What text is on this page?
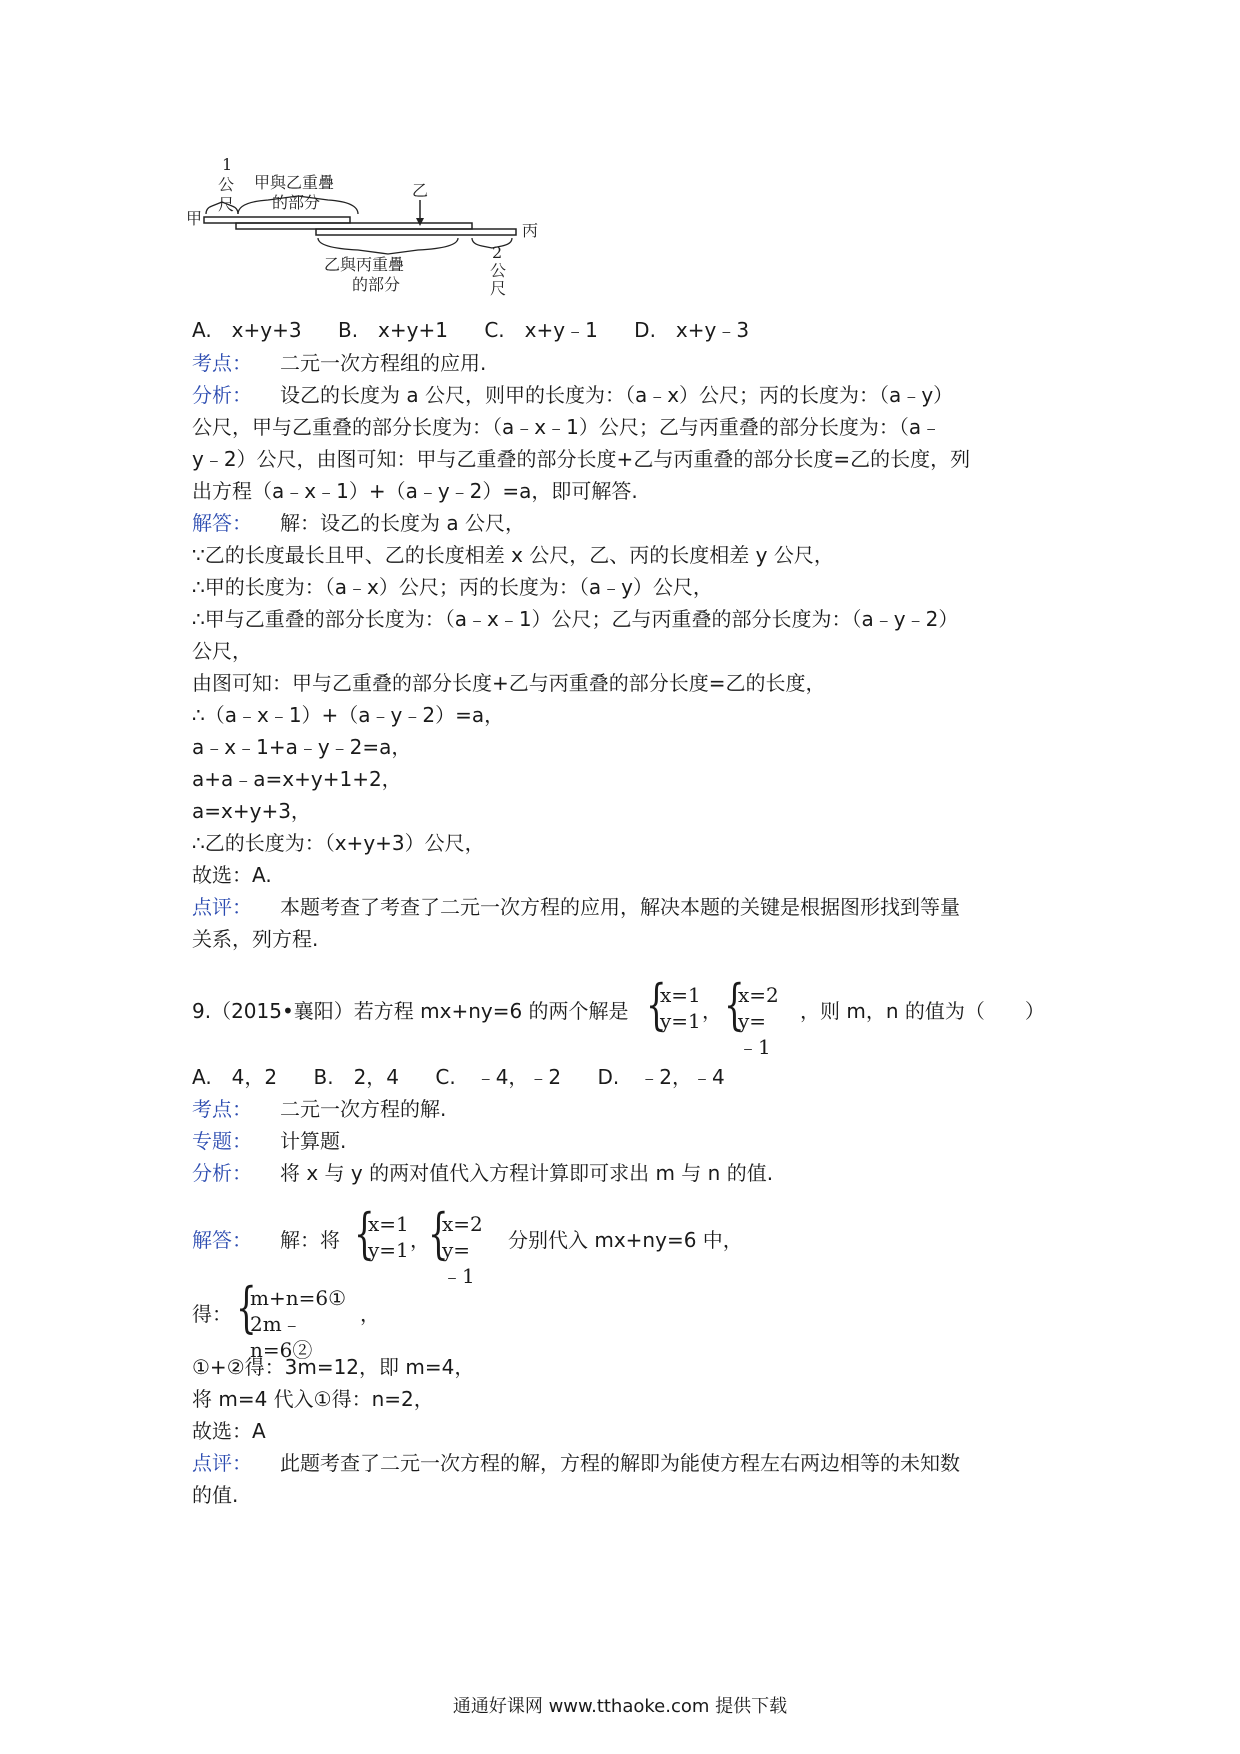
1
公
尺
甲與乙重疊
的部分
乙
甲
丙
乙與丙重疊
的部分
2
公
尺
A.　x+y+3 B.　x+y+1 C.　x+y﹣1 D.　x+y﹣3
考点： 二元一次方程组的应用.
分析： 设乙的长度为 a 公尺，则甲的长度为：（a﹣x）公尺；丙的长度为：（a﹣y）
公尺，甲与乙重叠的部分长度为：（a﹣x﹣1）公尺；乙与丙重叠的部分长度为：（a﹣
y﹣2）公尺，由图可知：甲与乙重叠的部分长度+乙与丙重叠的部分长度=乙的长度，列
出方程（a﹣x﹣1）+（a﹣y﹣2）=a，即可解答.
解答： 解：设乙的长度为 a 公尺，
∵乙的长度最长且甲、乙的长度相差 x 公尺，乙、丙的长度相差 y 公尺，
∴甲的长度为：（a﹣x）公尺；丙的长度为：（a﹣y）公尺，
∴甲与乙重叠的部分长度为：（a﹣x﹣1）公尺；乙与丙重叠的部分长度为：（a﹣y﹣2）
公尺，
由图可知：甲与乙重叠的部分长度+乙与丙重叠的部分长度=乙的长度，
∴（a﹣x﹣1）+（a﹣y﹣2）=a，
a﹣x﹣1+a﹣y﹣2=a，
a+a﹣a=x+y+1+2，
a=x+y+3，
∴乙的长度为：（x+y+3）公尺，
故选：A.
点评： 本题考查了考查了二元一次方程的应用，解决本题的关键是根据图形找到等量
关系，列方程.
9.（2015•襄阳）若方程 mx+ny=6 的两个解是 {
x=1
y=1 ， {
x=2
y=﹣1
，则 m，n 的值为（　　）
A.　4，2 B.　2，4 C.　﹣4，﹣2 D.　﹣2，﹣4
考点： 二元一次方程的解.
专题： 计算题.
分析： 将 x 与 y 的两对值代入方程计算即可求出 m 与 n 的值.
解答： 解：将 {
x=1
y=1 ，
{
x=2
y=﹣1
分别代入 mx+ny=6 中，
得： {
m+n=6①
2m﹣n=6②
，
①+②得：3m=12，即 m=4，
将 m=4 代入①得：n=2，
故选：A
点评： 此题考查了二元一次方程的解，方程的解即为能使方程左右两边相等的未知数
的值.
通通好课网 www.tthaoke.com 提供下载
